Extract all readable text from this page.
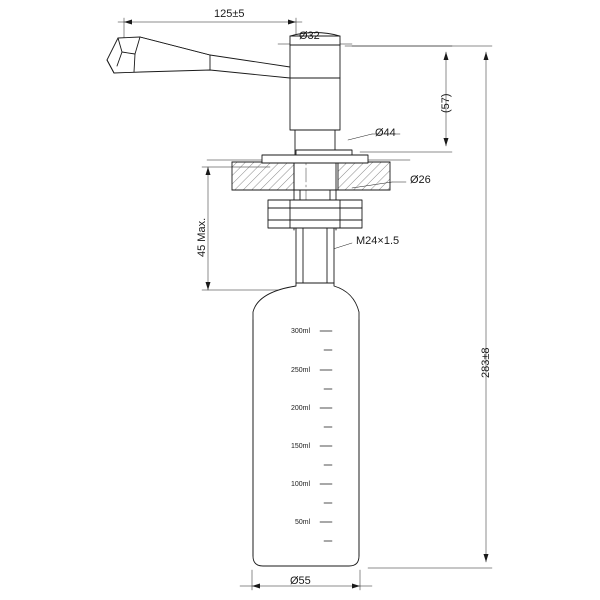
125±5
Ø32
Ø44
Ø26
(57)
45 Max.	M24×1.5
283±8
Ø55
300ml
250ml
200ml
150ml
100ml
50ml
